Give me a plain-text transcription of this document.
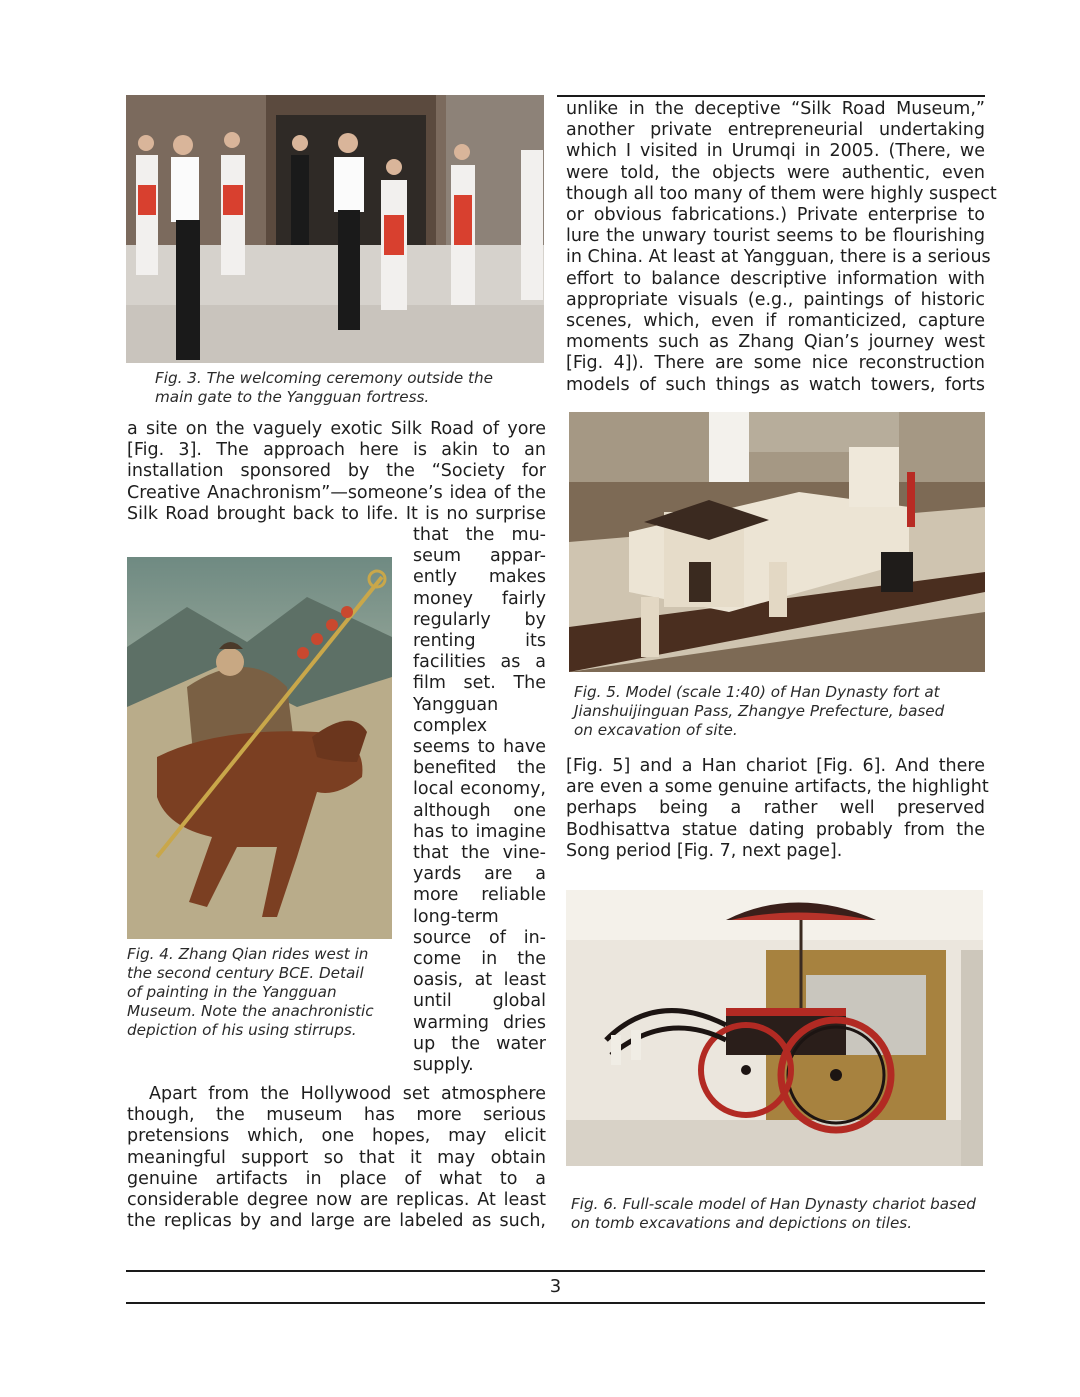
Fig. 3. The welcoming ceremony outside the
main gate to the Yangguan fortress.

a site on the vaguely exotic Silk Road of yore
[Fig. 3]. The approach here is akin to an
installation sponsored by the “Society for
Creative Anachronism”—someone’s idea of the
Silk Road brought back to life. It is no surprise

Fig. 4. Zhang Qian rides west in
the second century BCE. Detail
of painting in the Yangguan
Museum. Note the anachronistic
depiction of his using stirrups.

that the mu-
seum appar-
ently makes
money fairly
regularly by
renting its
facilities as a
film set. The
Yangguan
complex
seems to have
benefited the
local economy,
although one
has to imagine
that the vine-
yards are a
more reliable
long-term
source of in-
come in the
oasis, at least
until global
warming dries
up the water
supply.
Apart from the Hollywood set atmosphere
though, the museum has more serious
pretensions which, one hopes, may elicit
meaningful support so that it may obtain
genuine artifacts in place of what to a
considerable degree now are replicas. At least
the replicas by and large are labeled as such,
unlike in the deceptive “Silk Road Museum,”
another private entrepreneurial undertaking
which I visited in Urumqi in 2005. (There, we
were told, the objects were authentic, even
though all too many of them were highly suspect
or obvious fabrications.) Private enterprise to
lure the unwary tourist seems to be flourishing
in China. At least at Yangguan, there is a serious
effort to balance descriptive information with
appropriate visuals (e.g., paintings of historic
scenes, which, even if romanticized, capture
moments such as Zhang Qian’s journey west
[Fig. 4]). There are some nice reconstruction
models of such things as watch towers, forts

Fig. 5. Model (scale 1:40) of Han Dynasty fort at
Jianshuijinguan Pass, Zhangye Prefecture, based
on excavation of site.

[Fig. 5] and a Han chariot [Fig. 6]. And there
are even a some genuine artifacts, the highlight
perhaps being a rather well preserved
Bodhisattva statue dating probably from the
Song period [Fig. 7, next page].

Fig. 6. Full-scale model of Han Dynasty chariot based
on tomb excavations and depictions on tiles.

3
